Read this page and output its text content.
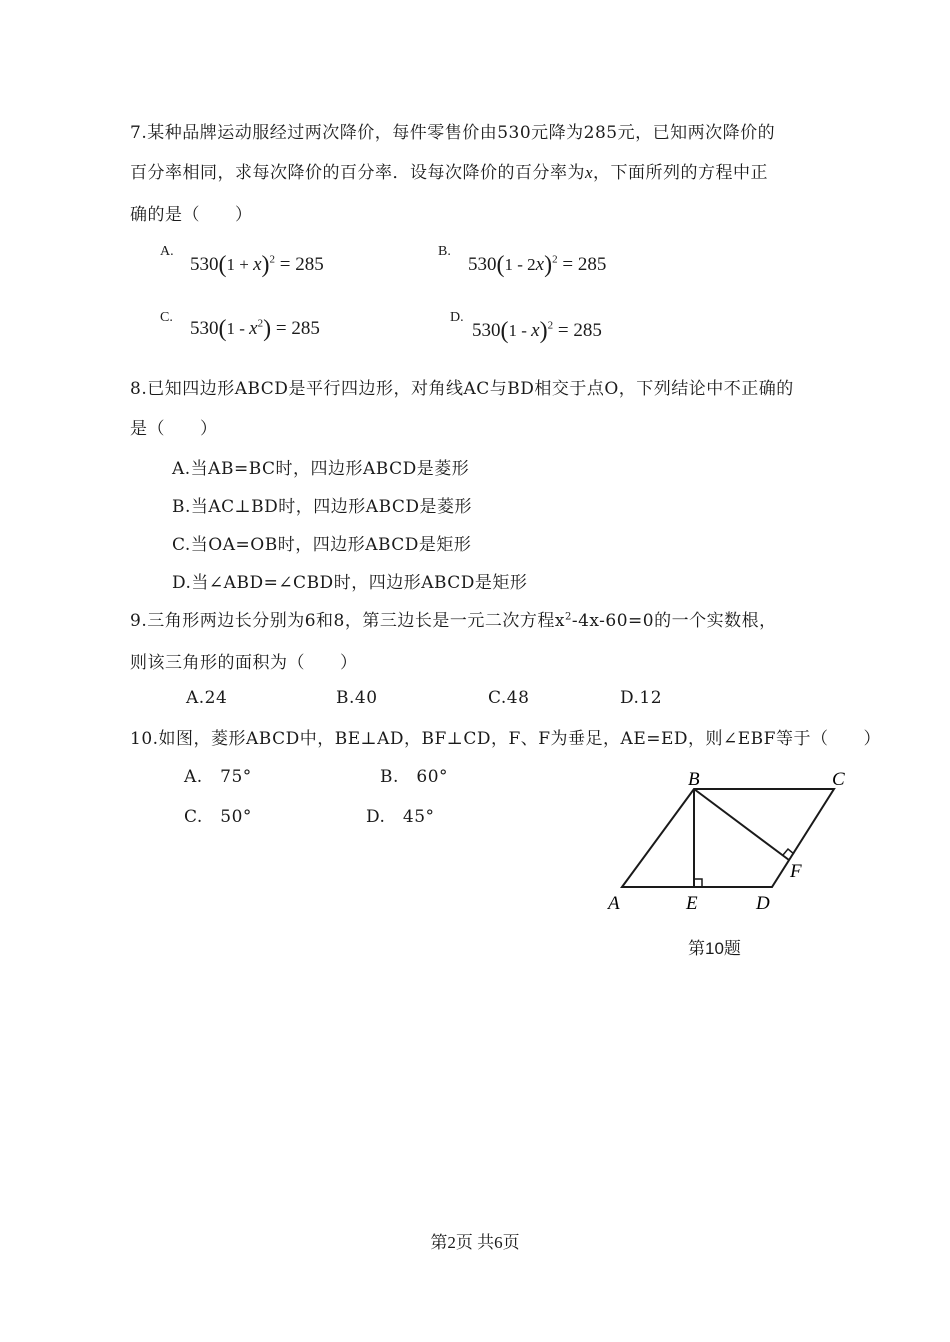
7.某种品牌运动服经过两次降价，每件零售价由530元降为285元，已知两次降价的
百分率相同，求每次降价的百分率．设每次降价的百分率为x，下面所列的方程中正
确的是（　　）
A.
$530(1 + x)^2 = 285$
B.
530(1 - 2x)$^2$ = 285
C.
$530(1 - x^2) = 285$
D.
530(1 - x)$^2$ = 285
8.已知四边形ABCD是平行四边形，对角线AC与BD相交于点O，下列结论中不正确的
是（　　）
A.当AB=BC时，四边形ABCD是菱形
B.当AC⊥BD时，四边形ABCD是菱形
C.当OA=OB时，四边形ABCD是矩形
D.当∠ABD=∠CBD时，四边形ABCD是矩形
9.三角形两边长分别为6和8，第三边长是一元二次方程$x^2-4x-60=0$的一个实数根，
则该三角形的面积为（　　）
A.24	B.40	C.48	D.12
10.如图，菱形ABCD中，BE⊥AD，BF⊥CD，F、F为垂足，AE=ED，则∠EBF等于（　　）
A.　75°	B.　60°
C.　50°	D.　45°
B	C
A	E	D
F
第10题
第2页 共6页
